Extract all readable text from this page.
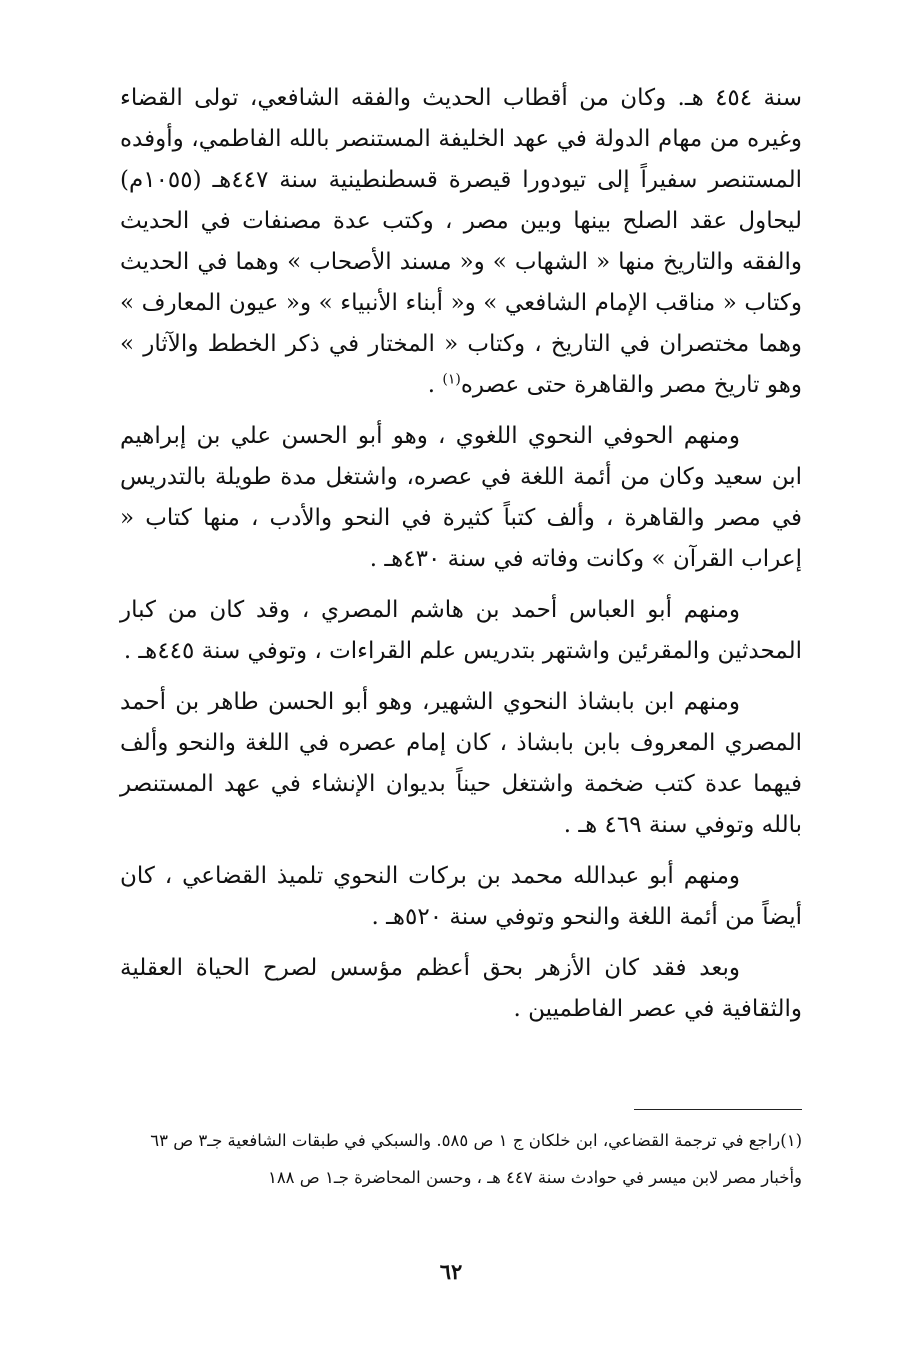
سنة ٤٥٤ هـ. وكان من أقطاب الحديث والفقه الشافعي، تولى القضاء وغيره من مهام الدولة في عهد الخليفة المستنصر بالله الفاطمي، وأوفده المستنصر سفيراً إلى تيودورا قيصرة قسطنطينية سنة ٤٤٧هـ (١٠٥٥م) ليحاول عقد الصلح بينها وبين مصر ، وكتب عدة مصنفات في الحديث والفقه والتاريخ منها « الشهاب » و« مسند الأصحاب » وهما في الحديث وكتاب « مناقب الإمام الشافعي » و« أبناء الأنبياء » و« عيون المعارف » وهما مختصران في التاريخ ، وكتاب « المختار في ذكر الخطط والآثار » وهو تاريخ مصر والقاهرة حتى عصره$^{(١)}$ .

ومنهم الحوفي النحوي اللغوي ، وهو أبو الحسن علي بن إبراهيم ابن سعيد وكان من أئمة اللغة في عصره، واشتغل مدة طويلة بالتدريس في مصر والقاهرة ، وألف كتباً كثيرة في النحو والأدب ، منها كتاب « إعراب القرآن » وكانت وفاته في سنة ٤٣٠هـ .

ومنهم أبو العباس أحمد بن هاشم المصري ، وقد كان من كبار المحدثين والمقرئين واشتهر بتدريس علم القراءات ، وتوفي سنة ٤٤٥هـ .

ومنهم ابن بابشاذ النحوي الشهير، وهو أبو الحسن طاهر بن أحمد المصري المعروف بابن بابشاذ ، كان إمام عصره في اللغة والنحو وألف فيهما عدة كتب ضخمة واشتغل حيناً بديوان الإنشاء في عهد المستنصر بالله وتوفي سنة ٤٦٩ هـ .

ومنهم أبو عبدالله محمد بن بركات النحوي تلميذ القضاعي ، كان أيضاً من أئمة اللغة والنحو وتوفي سنة ٥٢٠هـ .

وبعد فقد كان الأزهر بحق أعظم مؤسس لصرح الحياة العقلية والثقافية في عصر الفاطميين .

(١)راجع في ترجمة القضاعي، ابن خلكان ج ١ ص ٥٨٥. والسبكي في طبقات الشافعية جـ٣ ص ٦٣ وأخبار مصر لابن ميسر في حوادث سنة ٤٤٧ هـ ، وحسن المحاضرة جـ١ ص ١٨٨

٦٢
